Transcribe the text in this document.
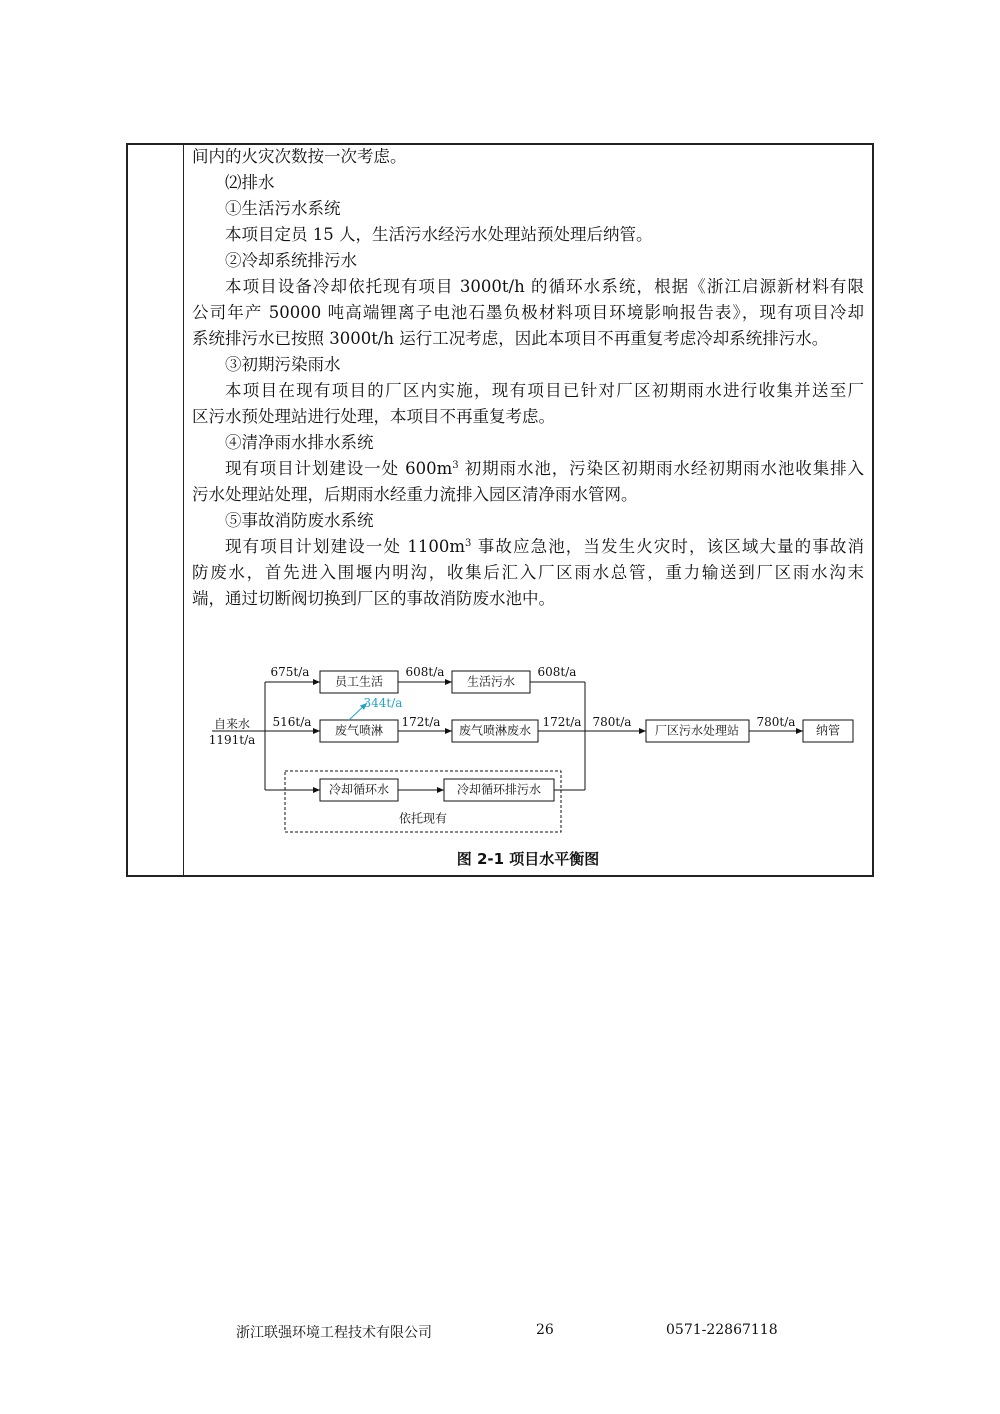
间内的火灾次数按一次考虑。

⑵排水

①生活污水系统

本项目定员 15 人，生活污水经污水处理站预处理后纳管。

②冷却系统排污水

本项目设备冷却依托现有项目 3000t/h 的循环水系统，根据《浙江启源新材料有限

公司年产 50000 吨高端锂离子电池石墨负极材料项目环境影响报告表》，现有项目冷却

系统排污水已按照 3000t/h 运行工况考虑，因此本项目不再重复考虑冷却系统排污水。

③初期污染雨水

本项目在现有项目的厂区内实施，现有项目已针对厂区初期雨水进行收集并送至厂

区污水预处理站进行处理，本项目不再重复考虑。

④清净雨水排水系统

现有项目计划建设一处 $600m^3$ 初期雨水池，污染区初期雨水经初期雨水池收集排入

污水处理站处理，后期雨水经重力流排入园区清净雨水管网。

⑤事故消防废水系统

现有项目计划建设一处 $1100m^3$ 事故应急池，当发生火灾时，该区域大量的事故消

防废水，首先进入围堰内明沟，收集后汇入厂区雨水总管，重力输送到厂区雨水沟末

端，通过切断阀切换到厂区的事故消防废水池中。

员工生活	生活污水
废气喷淋	废气喷淋废水	厂区污水处理站	纳管
冷却循环水	冷却循环排污水
依托现有
自来水
1191t/a
675t/a	608t/a	608t/a
516t/a	172t/a	172t/a 780t/a	780t/a
344t/a
图 2-1 项目水平衡图
浙江联强环境工程技术有限公司	26	0571-22867118
